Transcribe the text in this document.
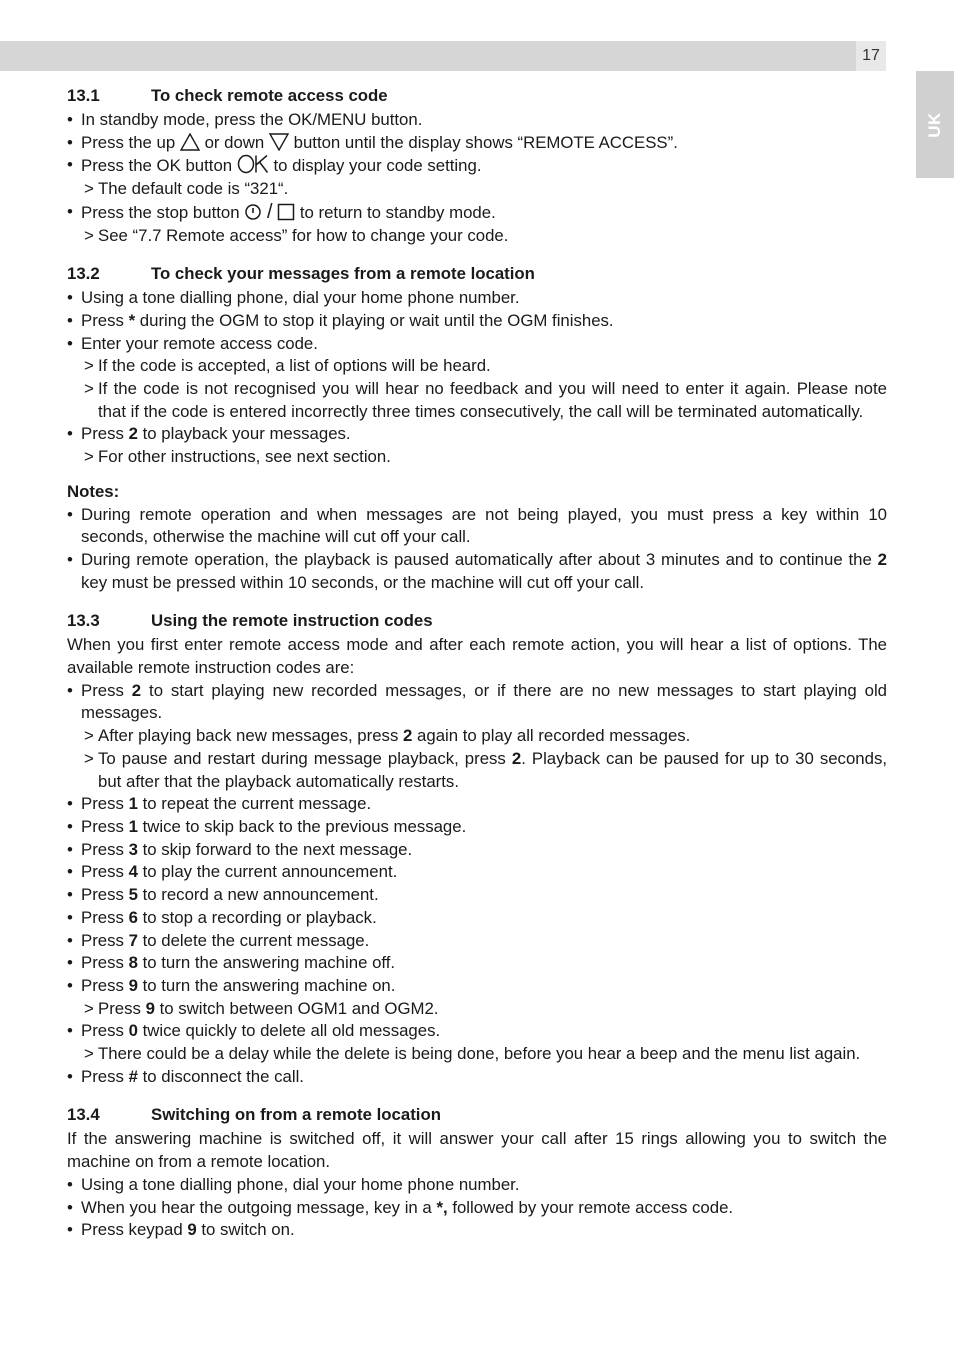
17
UK
13.1	To check remote access code
• In standby mode, press the OK/MENU button.
• Press the up or down button until the display shows “REMOTE ACCESS”.
• Press the OK button to display your code setting.
> The default code is “321“.
• Press the stop button / to return to standby mode.
> See “7.7 Remote access” for how to change your code.
13.2	To check your messages from a remote location
• Using a tone dialling phone, dial your home phone number.
• Press * during the OGM to stop it playing or wait until the OGM finishes.
• Enter your remote access code.
> If the code is accepted, a list of options will be heard.
> If the code is not recognised you will hear no feedback and you will need to enter it again. Please note that if the code is entered incorrectly three times consecutively, the call will be terminated automatically.
• Press 2 to playback your messages.
> For other instructions, see next section.
Notes:
• During remote operation and when messages are not being played, you must press a key within 10 seconds, otherwise the machine will cut off your call.
• During remote operation, the playback is paused automatically after about 3 minutes and to continue the 2 key must be pressed within 10 seconds, or the machine will cut off your call.
13.3	Using the remote instruction codes
When you first enter remote access mode and after each remote action, you will hear a list of options. The available remote instruction codes are:
• Press 2 to start playing new recorded messages, or if there are no new messages to start playing old messages.
> After playing back new messages, press 2 again to play all recorded messages.
> To pause and restart during message playback, press 2. Playback can be paused for up to 30 seconds, but after that the playback automatically restarts.
• Press 1 to repeat the current message.
• Press 1 twice to skip back to the previous message.
• Press 3 to skip forward to the next message.
• Press 4 to play the current announcement.
• Press 5 to record a new announcement.
• Press 6 to stop a recording or playback.
• Press 7 to delete the current message.
• Press 8 to turn the answering machine off.
• Press 9 to turn the answering machine on.
> Press 9 to switch between OGM1 and OGM2.
• Press 0 twice quickly to delete all old messages.
> There could be a delay while the delete is being done, before you hear a beep and the menu list again.
• Press # to disconnect the call.
13.4	Switching on from a remote location
If the answering machine is switched off, it will answer your call after 15 rings allowing you to switch the machine on from a remote location.
• Using a tone dialling phone, dial your home phone number.
• When you hear the outgoing message, key in a *, followed by your remote access code.
• Press keypad 9 to switch on.
